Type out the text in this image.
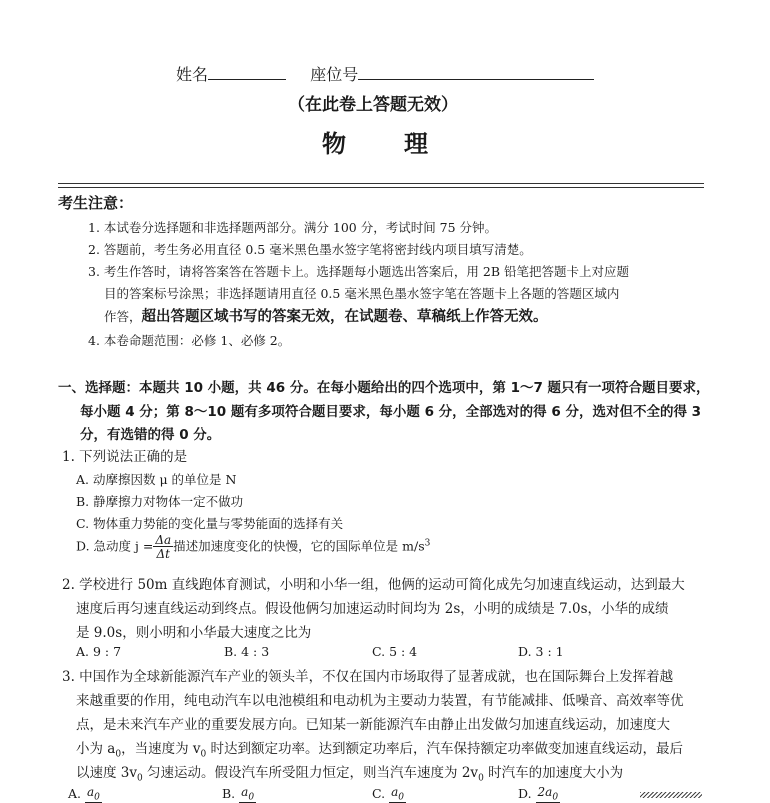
姓名	座位号
（在此卷上答题无效）
物 理
考生注意：
1. 本试卷分选择题和非选择题两部分。满分 100 分，考试时间 75 分钟。
2. 答题前，考生务必用直径 0.5 毫米黑色墨水签字笔将密封线内项目填写清楚。
3. 考生作答时，请将答案答在答题卡上。选择题每小题选出答案后，用 2B 铅笔把答题卡上对应题
目的答案标号涂黑；非选择题请用直径 0.5 毫米黑色墨水签字笔在答题卡上各题的答题区域内
作答，超出答题区域书写的答案无效，在试题卷、草稿纸上作答无效。
4. 本卷命题范围：必修 1、必修 2。
一、选择题：本题共 10 小题，共 46 分。在每小题给出的四个选项中，第 1～7 题只有一项符合题目要求，
每小题 4 分；第 8～10 题有多项符合题目要求，每小题 6 分，全部选对的得 6 分，选对但不全的得 3
分，有选错的得 0 分。
1. 下列说法正确的是
A. 动摩擦因数 μ 的单位是 N
B. 静摩擦力对物体一定不做功
C. 物体重力势能的变化量与零势能面的选择有关
D. 急动度 $j = \frac{\Delta a}{\Delta t}$ 描述加速度变化的快慢，它的国际单位是 $m/s^3$
2. 学校进行 50m 直线跑体育测试，小明和小华一组，他俩的运动可简化成先匀加速直线运动，达到最大
速度后再匀速直线运动到终点。假设他俩匀加速运动时间均为 2s，小明的成绩是 7.0s，小华的成绩
是 9.0s，则小明和小华最大速度之比为
A. 9 : 7	B. 4 : 3	C. 5 : 4	D. 3 : 1
3. 中国作为全球新能源汽车产业的领头羊，不仅在国内市场取得了显著成就，也在国际舞台上发挥着越
来越重要的作用，纯电动汽车以电池模组和电动机为主要动力装置，有节能减排、低噪音、高效率等优
点，是未来汽车产业的重要发展方向。已知某一新能源汽车由静止出发做匀加速直线运动，加速度大
小为 $a_0$，当速度为 $v_0$ 时达到额定功率。达到额定功率后，汽车保持额定功率做变加速直线运动，最后
以速度 $3v_0$ 匀速运动。假设汽车所受阻力恒定，则当汽车速度为 $2v_0$ 时汽车的加速度大小为
A. $a_0$	B. $a_0$	C. $a_0$	D. $2a_0$
